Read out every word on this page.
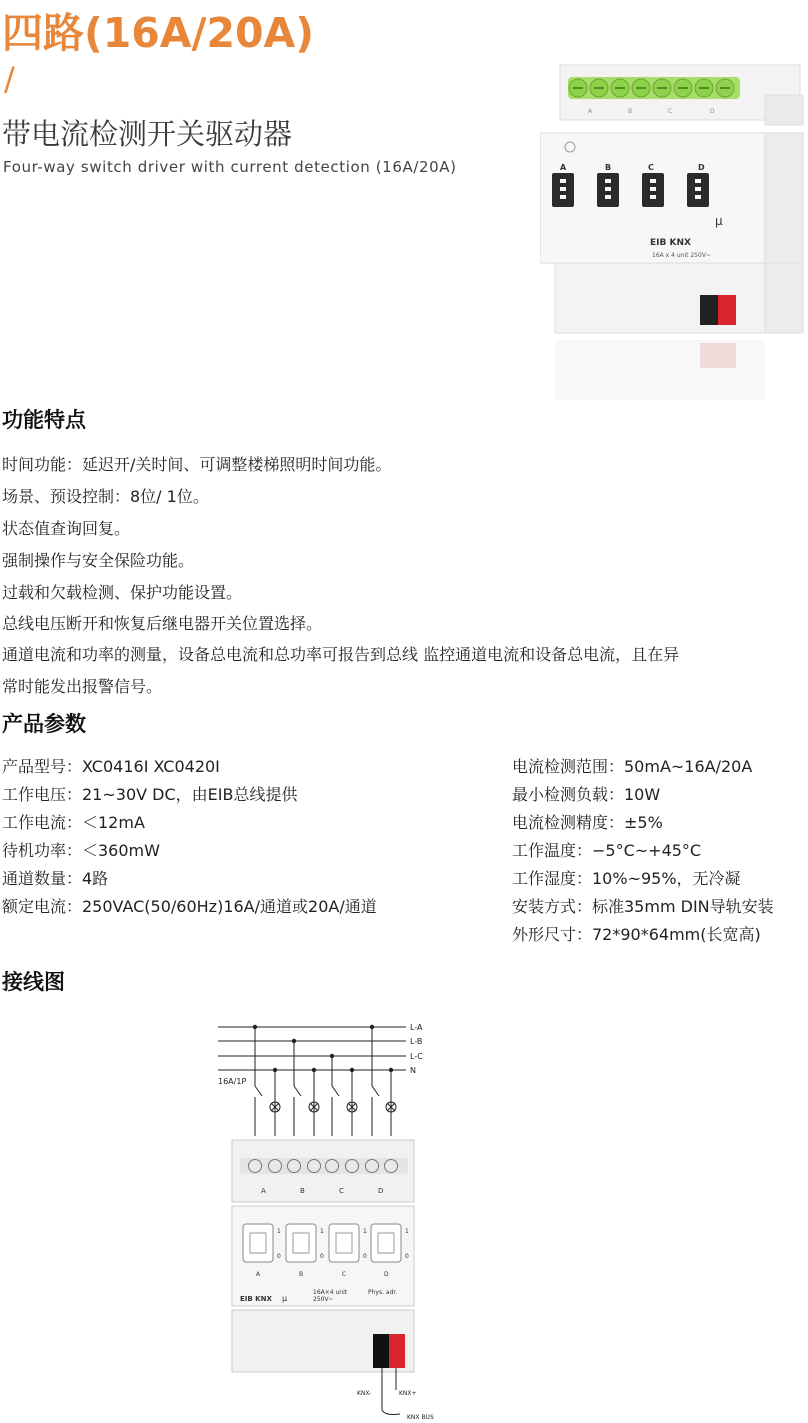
四路(16A/20A)
/
带电流检测开关驱动器
Four-way switch driver with current detection (16A/20A)
A	B	C	D
A	B	C	D
μ
EIB KNX
16A x 4 unit 250V~
功能特点
时间功能：延迟开/关时间、可调整楼梯照明时间功能。
场景、预设控制：8位/ 1位。
状态值查询回复。
强制操作与安全保险功能。
过载和欠载检测、保护功能设置。
总线电压断开和恢复后继电器开关位置选择。
通道电流和功率的测量，设备总电流和总功率可报告到总线 监控通道电流和设备总电流，且在异
常时能发出报警信号。
产品参数
产品型号：XC0416I XC0420I
工作电压：21~30V DC，由EIB总线提供
工作电流：＜12mA
待机功率：＜360mW
通道数量：4路
额定电流：250VAC(50/60Hz)16A/通道或20A/通道
电流检测范围：50mA~16A/20A
最小检测负载：10W
电流检测精度：±5%
工作温度：−5°C~+45°C
工作湿度：10%~95%，无冷凝
安装方式：标准35mm DIN导轨安装
外形尺寸：72*90*64mm(长宽高)
接线图
L-A
L-B
L-C
N
16A/1P
A	B	C	D
1
0
1
0
1
0
1
0
A	B	C	D
16A×4 unit
250V~
Phys. adr.
EIB KNX μ
KNX-	KNX+
KNX BUS
